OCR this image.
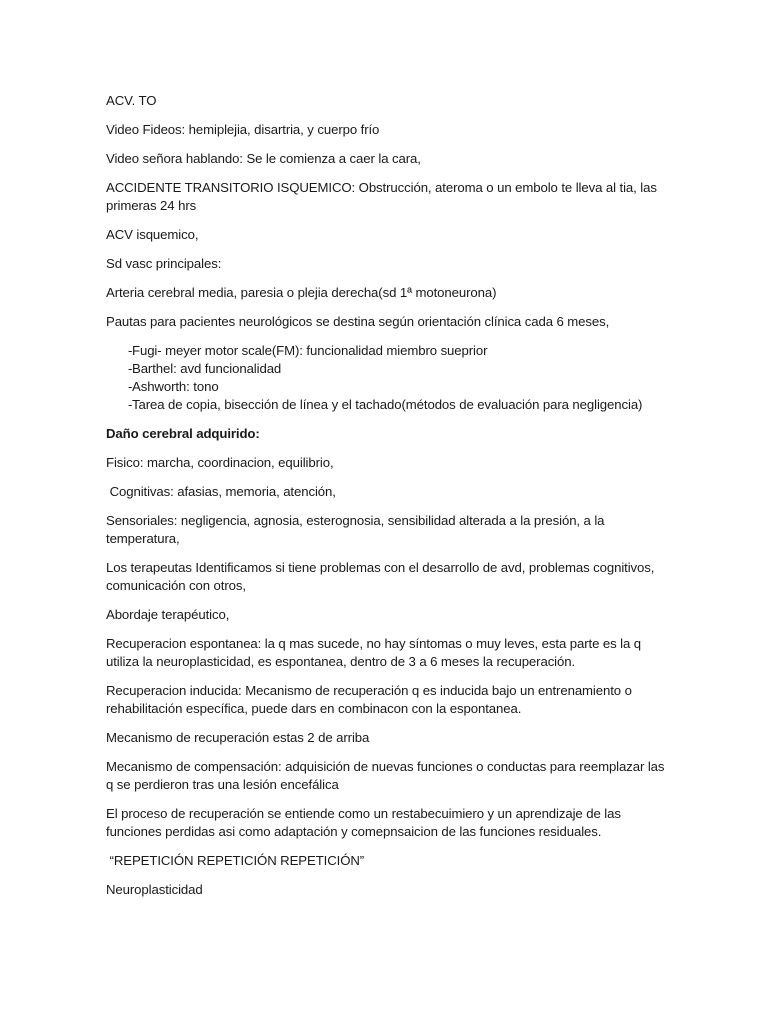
ACV. TO

Video Fideos: hemiplejia, disartria, y cuerpo frío

Video señora hablando: Se le comienza a caer la cara,

ACCIDENTE TRANSITORIO ISQUEMICO: Obstrucción, ateroma o un embolo te lleva al tia, las primeras 24 hrs

ACV isquemico,

Sd vasc principales:

Arteria cerebral media, paresia o plejia derecha(sd 1ª motoneurona)

Pautas para pacientes neurológicos se destina según orientación clínica cada 6 meses,

- Fugi- meyer motor scale(FM): funcionalidad miembro sueprior
- Barthel: avd funcionalidad
- Ashworth: tono
- Tarea de copia, bisección de línea y el tachado(métodos de evaluación para negligencia)

Daño cerebral adquirido:

Fisico: marcha, coordinacion, equilibrio,

Cognitivas: afasias, memoria, atención,

Sensoriales: negligencia, agnosia, esterognosia, sensibilidad alterada a la presión, a la temperatura,

Los terapeutas Identificamos si tiene problemas con el desarrollo de avd, problemas cognitivos, comunicación con otros,

Abordaje terapéutico,

Recuperacion espontanea: la q mas sucede, no hay síntomas o muy leves, esta parte es la q utiliza la neuroplasticidad, es espontanea, dentro de 3 a 6 meses la recuperación.

Recuperacion inducida: Mecanismo de recuperación q es inducida bajo un entrenamiento o rehabilitación específica, puede dars en combinacon con la espontanea.

Mecanismo de recuperación estas 2 de arriba

Mecanismo de compensación: adquisición de nuevas funciones o conductas para reemplazar las q se perdieron tras una lesión encefálica

El proceso de recuperación se entiende como un restabecuimiero y un aprendizaje de las funciones perdidas asi como adaptación y comepnsaicion de las funciones residuales.

“REPETICIÓN REPETICIÓN REPETICIÓN”

Neuroplasticidad
